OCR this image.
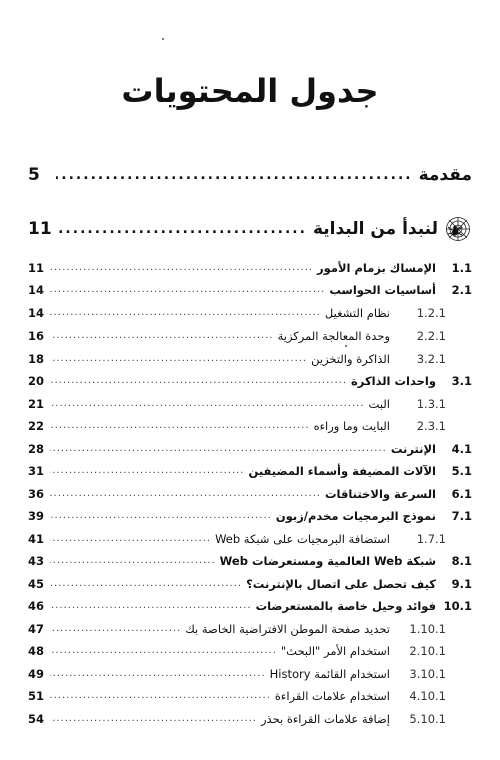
جدول المحتويات
مقدمة
.....
5
لنبدأ من البداية
.....
11
1.1
الإمساك بزمام الأمور
.....
11
2.1
أساسيات الحواسب
.....
14
1.2.1
نظام التشغيل
.....
14
2.2.1
وحدة المعالجة المركزية
.....
16
3.2.1
الذاكرة والتخزين
.....
18
3.1
واحدات الذاكرة
.....
20
1.3.1
البت
.....
21
2.3.1
البايت وما وراءه
.....
22
4.1
الإنترنت
.....
28
5.1
الآلات المضيفة وأسماء المضيفين
.....
31
6.1
السرعة والاختناقات
.....
36
7.1
نموذج البرمجيات مخدم/زبون
.....
39
1.7.1
استضافة البرمجيات على شبكة Web
.....
41
8.1
شبكة Web العالمية ومستعرضات Web
.....
43
9.1
كيف تحصل على اتصال بالإنترنت؟
.....
45
10.1
فوائد وحيل خاصة بالمستعرضات
.....
46
1.10.1
تحديد صفحة الموطن الافتراضية الخاصة بك
.....
47
2.10.1
استخدام الأمر "البحث"
.....
48
3.10.1
استخدام القائمة History
.....
49
4.10.1
استخدام علامات القراءة
.....
51
5.10.1
إضافة علامات القراءة بحذر
.....
54
